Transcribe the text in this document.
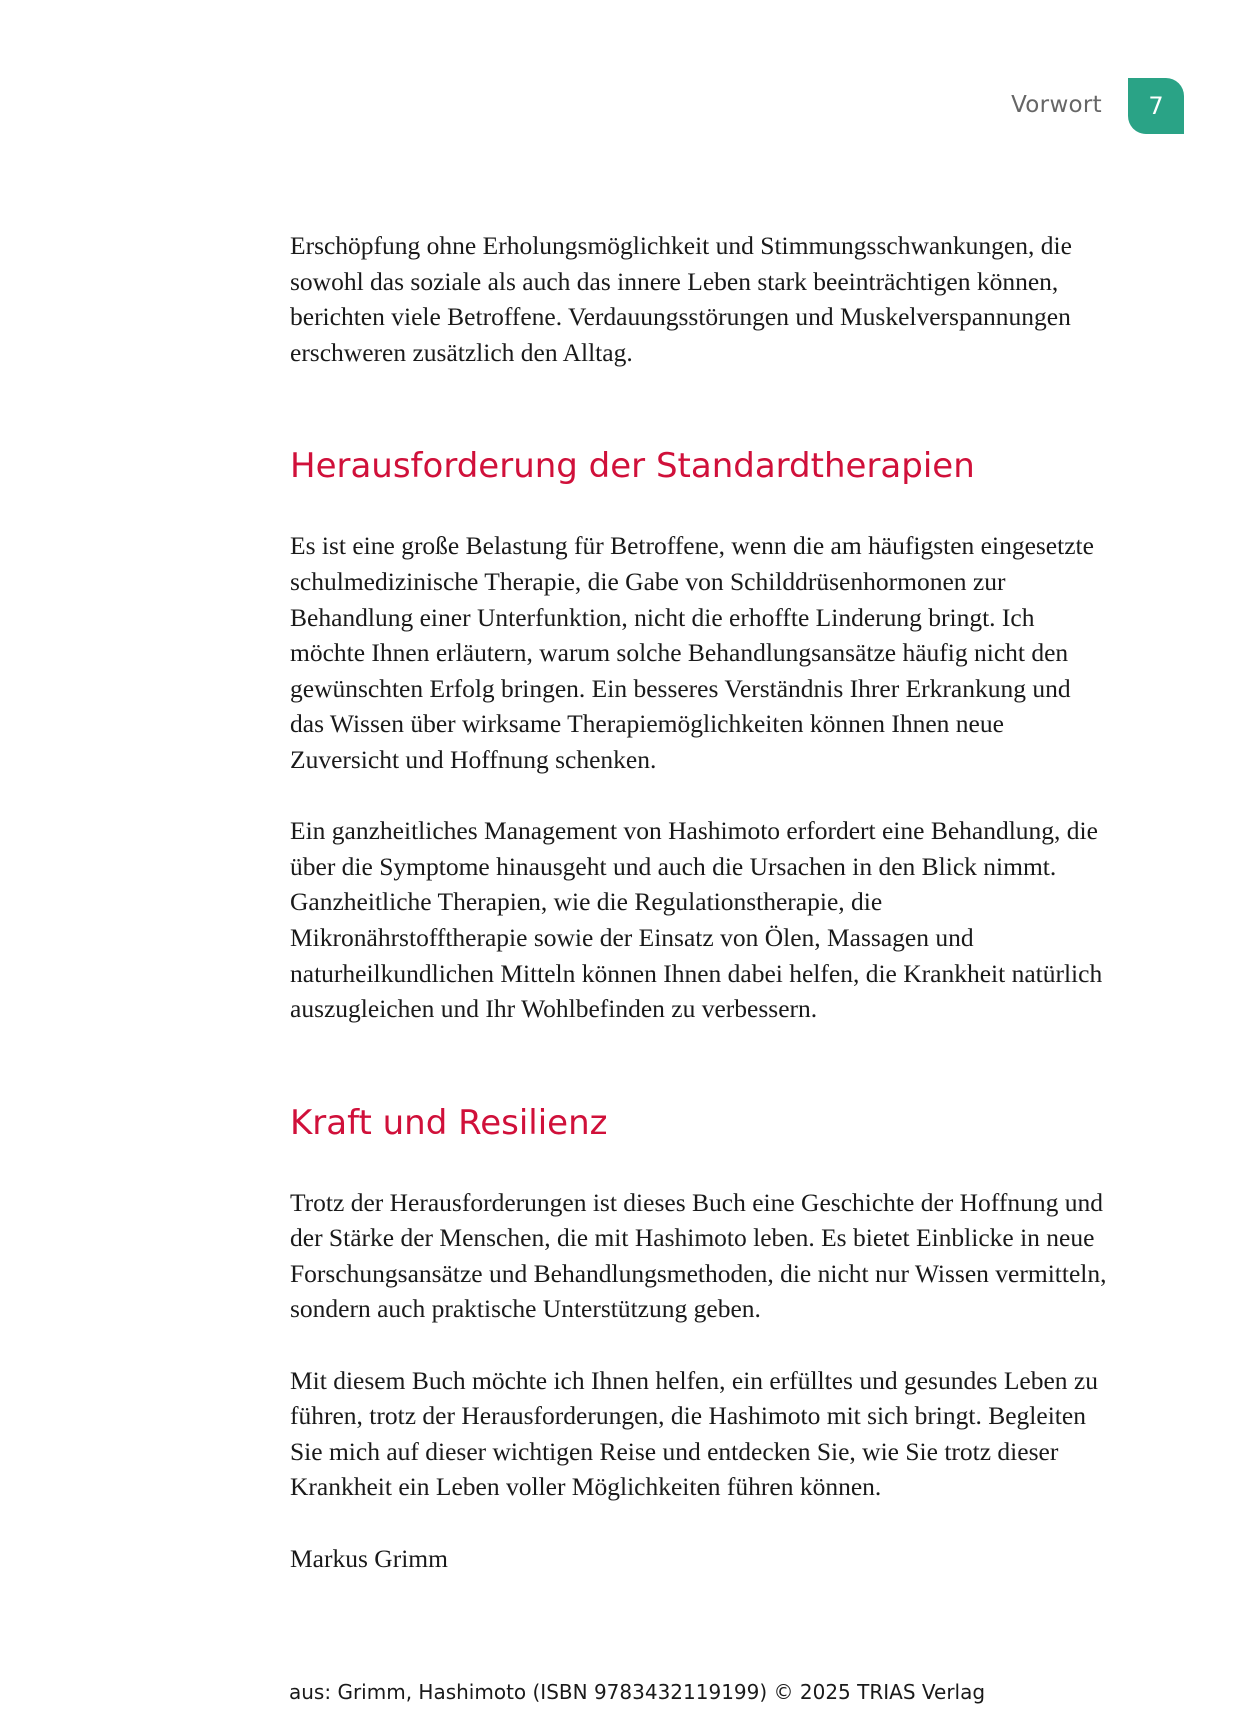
Vorwort	7

Erschöpfung ohne Erholungsmöglichkeit und Stimmungsschwankungen, die sowohl das soziale als auch das innere Leben stark beeinträchtigen können, berichten viele Betroffene. Verdauungsstörungen und Muskelverspannungen erschweren zusätzlich den Alltag.

Herausforderung der Standardtherapien

Es ist eine große Belastung für Betroffene, wenn die am häufigsten eingesetzte schulmedizinische Therapie, die Gabe von Schilddrüsenhormonen zur Behandlung einer Unterfunktion, nicht die erhoffte Linderung bringt. Ich möchte Ihnen erläutern, warum solche Behandlungsansätze häufig nicht den gewünschten Erfolg bringen. Ein besseres Verständnis Ihrer Erkrankung und das Wissen über wirksame Therapiemöglichkeiten können Ihnen neue Zuversicht und Hoffnung schenken.

Ein ganzheitliches Management von Hashimoto erfordert eine Behandlung, die über die Symptome hinausgeht und auch die Ursachen in den Blick nimmt. Ganzheitliche Therapien, wie die Regulationstherapie, die Mikronährstofftherapie sowie der Einsatz von Ölen, Massagen und naturheilkundlichen Mitteln können Ihnen dabei helfen, die Krankheit natürlich auszugleichen und Ihr Wohlbefinden zu verbessern.

Kraft und Resilienz

Trotz der Herausforderungen ist dieses Buch eine Geschichte der Hoffnung und der Stärke der Menschen, die mit Hashimoto leben. Es bietet Einblicke in neue Forschungsansätze und Behandlungsmethoden, die nicht nur Wissen vermitteln, sondern auch praktische Unterstützung geben.

Mit diesem Buch möchte ich Ihnen helfen, ein erfülltes und gesundes Leben zu führen, trotz der Herausforderungen, die Hashimoto mit sich bringt. Begleiten Sie mich auf dieser wichtigen Reise und entdecken Sie, wie Sie trotz dieser Krankheit ein Leben voller Möglichkeiten führen können.

Markus Grimm

aus: Grimm, Hashimoto (ISBN 9783432119199) © 2025 TRIAS Verlag
